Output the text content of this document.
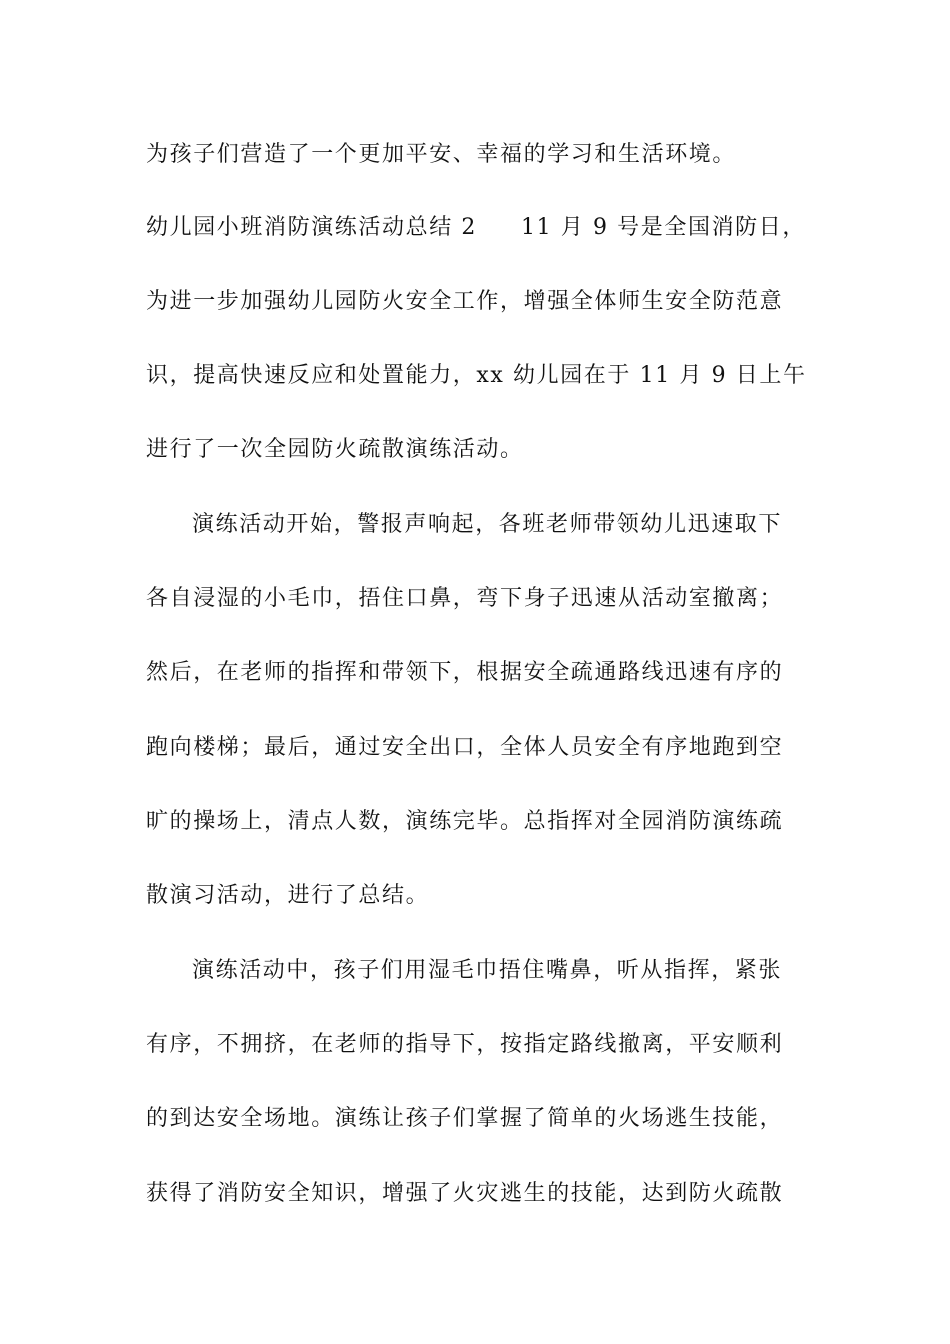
为孩子们营造了一个更加平安、幸福的学习和生活环境。
幼儿园小班消防演练活动总结 2 11 月 9 号是全国消防日，
为进一步加强幼儿园防火安全工作，增强全体师生安全防范意
识，提高快速反应和处置能力，xx 幼儿园在于 11 月 9 日上午
进行了一次全园防火疏散演练活动。
演练活动开始，警报声响起，各班老师带领幼儿迅速取下
各自浸湿的小毛巾，捂住口鼻，弯下身子迅速从活动室撤离；
然后，在老师的指挥和带领下，根据安全疏通路线迅速有序的
跑向楼梯；最后，通过安全出口，全体人员安全有序地跑到空
旷的操场上，清点人数，演练完毕。总指挥对全园消防演练疏
散演习活动，进行了总结。
演练活动中，孩子们用湿毛巾捂住嘴鼻，听从指挥，紧张
有序，不拥挤，在老师的指导下，按指定路线撤离，平安顺利
的到达安全场地。演练让孩子们掌握了简单的火场逃生技能，
获得了消防安全知识，增强了火灾逃生的技能，达到防火疏散
